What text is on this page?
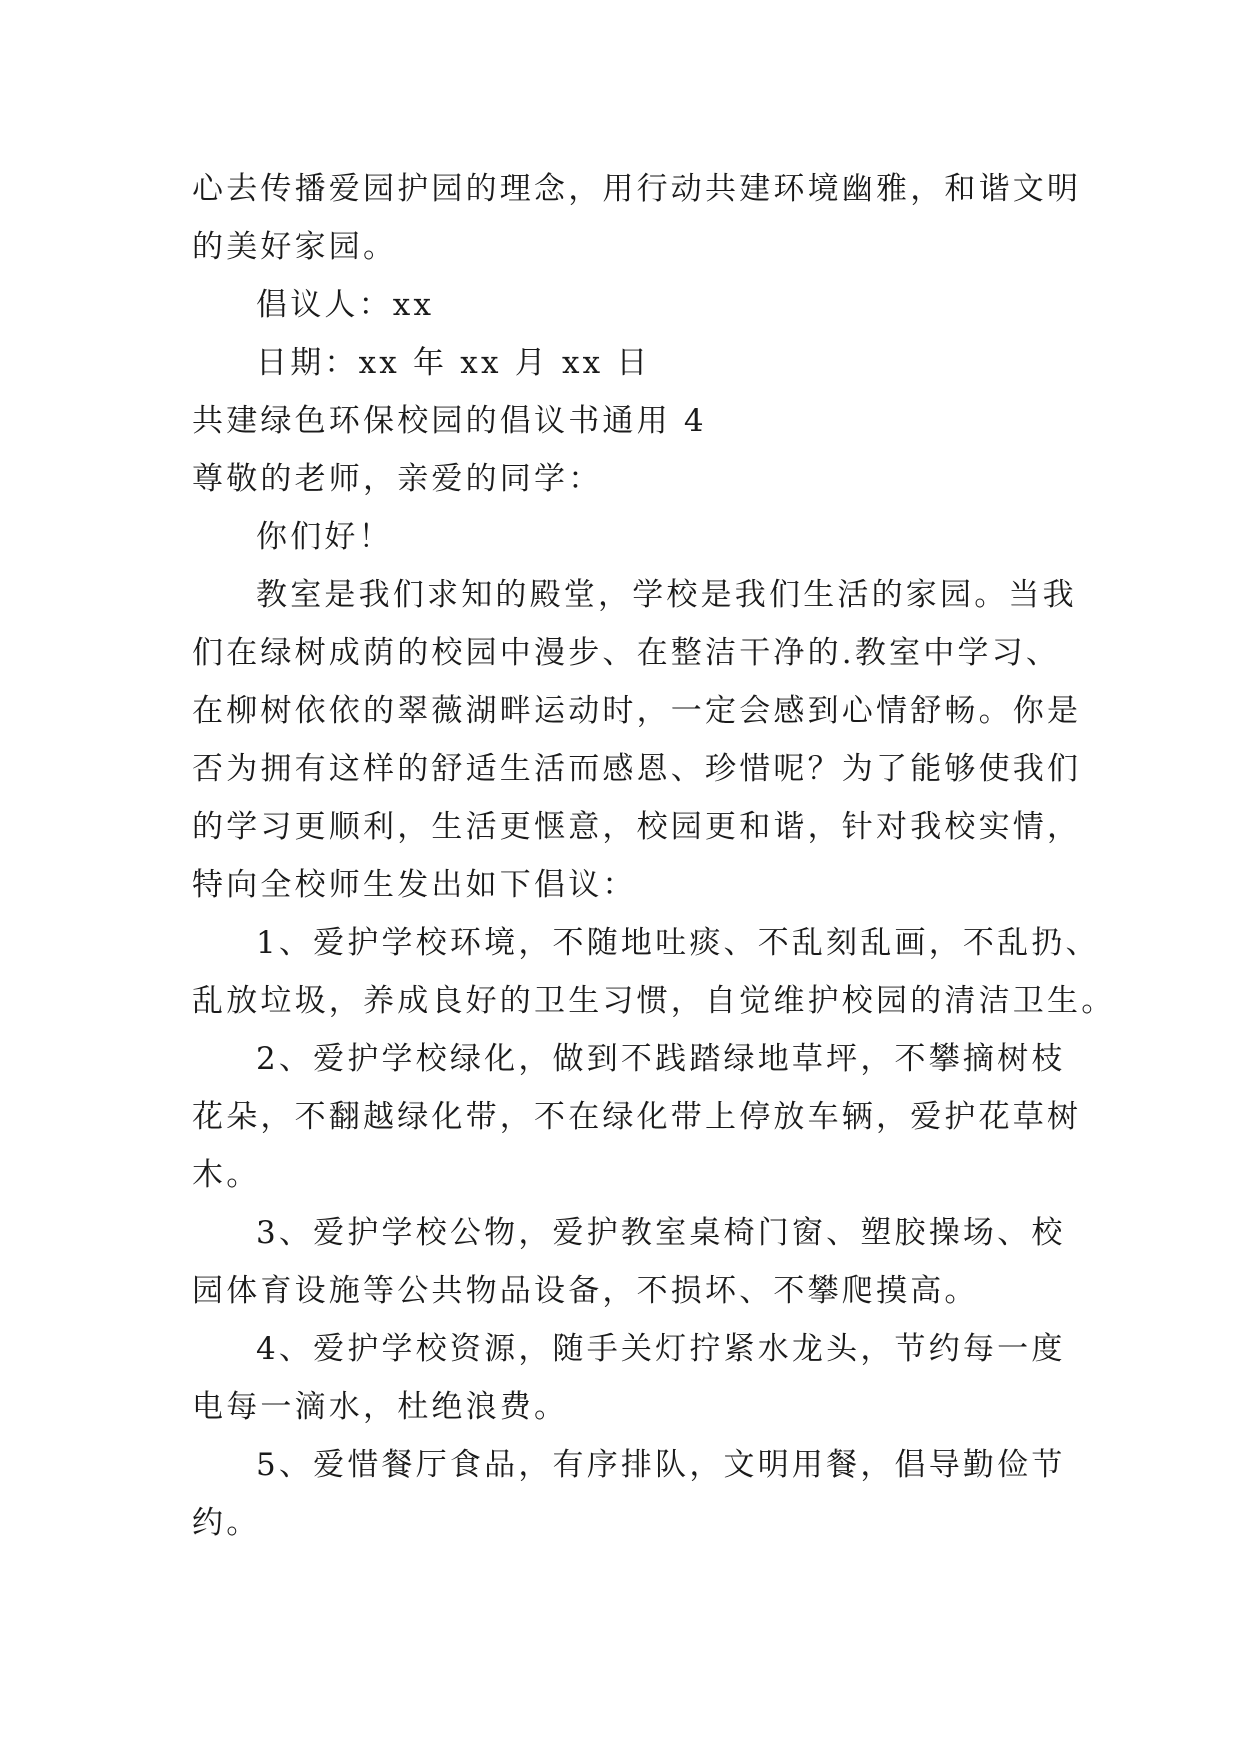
心去传播爱园护园的理念，用行动共建环境幽雅，和谐文明
的美好家园。
倡议人：xx
日期：xx 年 xx 月 xx 日
共建绿色环保校园的倡议书通用 4
尊敬的老师，亲爱的同学：
你们好！
教室是我们求知的殿堂，学校是我们生活的家园。当我
们在绿树成荫的校园中漫步、在整洁干净的.教室中学习、
在柳树依依的翠薇湖畔运动时，一定会感到心情舒畅。你是
否为拥有这样的舒适生活而感恩、珍惜呢？为了能够使我们
的学习更顺利，生活更惬意，校园更和谐，针对我校实情，
特向全校师生发出如下倡议：
1、爱护学校环境，不随地吐痰、不乱刻乱画，不乱扔、
乱放垃圾，养成良好的卫生习惯，自觉维护校园的清洁卫生。
2、爱护学校绿化，做到不践踏绿地草坪，不攀摘树枝
花朵，不翻越绿化带，不在绿化带上停放车辆，爱护花草树
木。
3、爱护学校公物，爱护教室桌椅门窗、塑胶操场、校
园体育设施等公共物品设备，不损坏、不攀爬摸高。
4、爱护学校资源，随手关灯拧紧水龙头，节约每一度
电每一滴水，杜绝浪费。
5、爱惜餐厅食品，有序排队，文明用餐，倡导勤俭节
约。
